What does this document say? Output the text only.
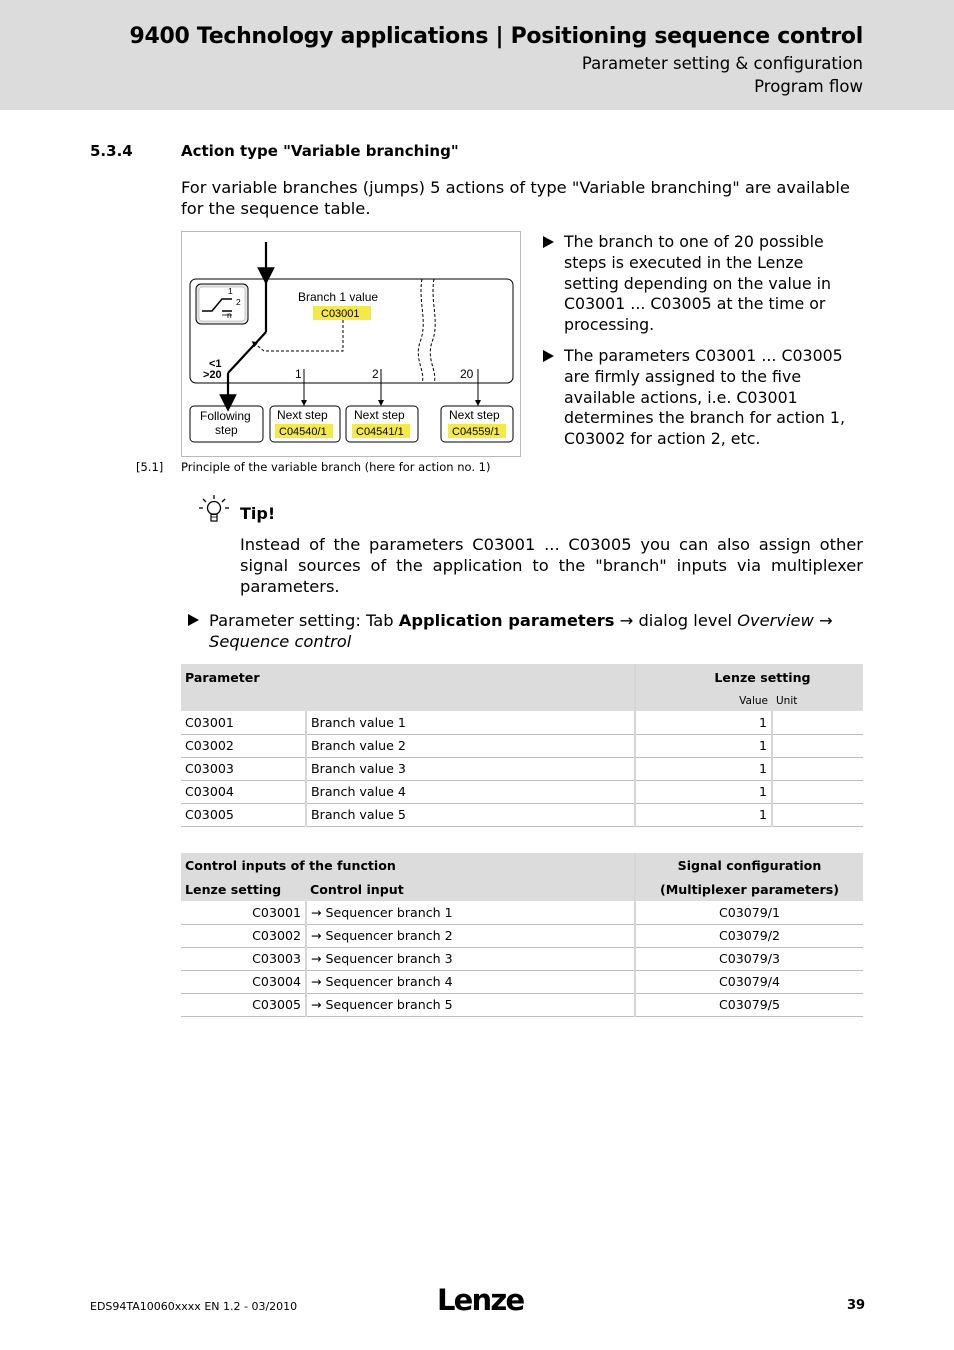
9400 Technology applications | Positioning sequence control
Parameter setting & configuration
Program flow
5.3.4	Action type "Variable branching"
For variable branches (jumps) 5 actions of type "Variable branching" are available for the sequence table.
1
2
n
Branch 1 value
C03001
<1
>20	1	2	20
Following
step
Next step
C04540/1
Next step
C04541/1
Next step
C04559/1
[5.1] Principle of the variable branch (here for action no. 1)
The branch to one of 20 possible steps is executed in the Lenze setting depending on the value in C03001 ... C03005 at the time or processing.
The parameters C03001 ... C03005 are firmly assigned to the five available actions, i.e. C03001 determines the branch for action 1, C03002 for action 2, etc.
Tip!
Instead of the parameters C03001 ... C03005 you can also assign other signal sources of the application to the "branch" inputs via multiplexer parameters.
Parameter setting: Tab Application parameters → dialog level Overview → Sequence control
Parameter		Lenze setting	
		Value	Unit
C03001	Branch value 1	1	
C03002	Branch value 2	1	
C03003	Branch value 3	1	
C03004	Branch value 4	1	
C03005	Branch value 5	1	
Control inputs of the function		Signal configuration
Lenze setting	Control input	(Multiplexer parameters)
C03001	→ Sequencer branch 1	C03079/1
C03002	→ Sequencer branch 2	C03079/2
C03003	→ Sequencer branch 3	C03079/3
C03004	→ Sequencer branch 4	C03079/4
C03005	→ Sequencer branch 5	C03079/5
EDS94TA10060xxxx EN 1.2 - 03/2010	Lenze	39
